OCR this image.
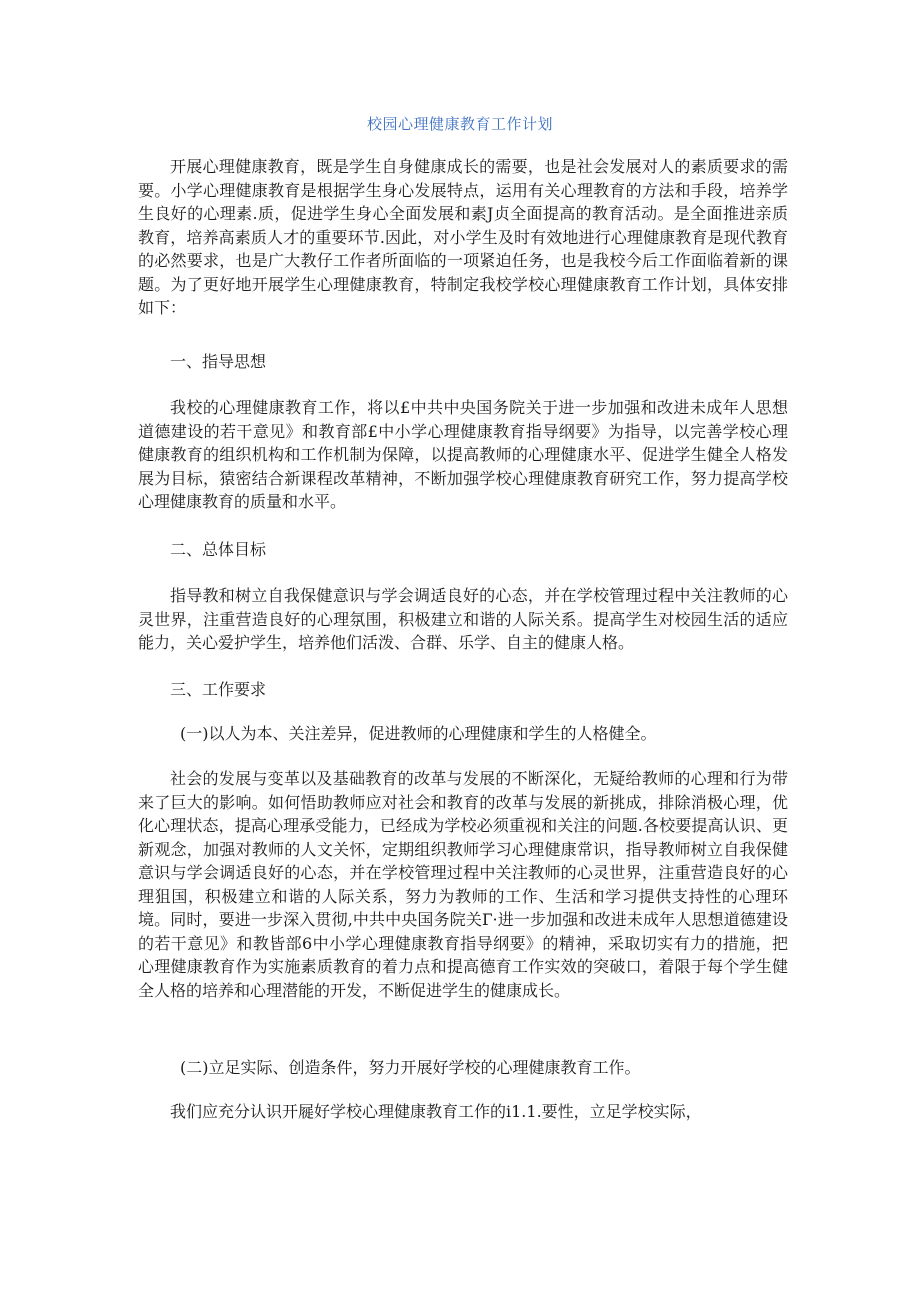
校园心理健康教育工作计划

开展心理健康教育，既是学生自身健康成长的需要，也是社会发展对人的素质要求的需要。小学心理健康教育是根据学生身心发展特点，运用有关心理教育的方法和手段，培养学生良好的心理素.质，促进学生身心全面发展和素J贞全面提高的教育活动。是全面推进亲质教育，培养高素质人才的重要环节.因此，对小学生及时有效地进行心理健康教育是现代教育的必然要求，也是广大教仔工作者所面临的一项紧迫任务，也是我校今后工作面临着新的课题。为了更好地开展学生心理健康教育，特制定我校学校心理健康教育工作计划，具体安排如下：

一、指导思想

我校的心理健康教育工作，将以£中共中央国务院关于进一步加强和改进未成年人思想道德建设的若干意见》和教育部£中小学心理健康教育指导纲要》为指导，以完善学校心理健康教育的组织机构和工作机制为保障，以提高教师的心理健康水平、促进学生健全人格发展为目标，猿密结合新课程改革精神，不断加强学校心理健康教育研究工作，努力提高学校心理健康教育的质量和水平。

二、总体目标

指导教和树立自我保健意识与学会调适良好的心态，并在学校管理过程中关注教师的心灵世界，注重营造良好的心理氛围，积极建立和谐的人际关系。提高学生对校园生活的适应能力，关心爱护学生，培养他们活泼、合群、乐学、自主的健康人格。

三、工作要求

(一)以人为本、关注差异，促进教师的心理健康和学生的人格健全。

社会的发展与变革以及基础教育的改革与发展的不断深化，无疑给教师的心理和行为带来了巨大的影响。如何悟助教师应对社会和教育的改革与发展的新挑成，排除消极心理，优化心理状态，提高心理承受能力，已经成为学校必须重视和关注的问题.各校要提高认识、更新观念，加强对教师的人文关怀，定期组织教师学习心理健康常识，指导教师树立自我保健意识与学会调适良好的心态，并在学校管理过程中关注教师的心灵世界，注重营造良好的心理狙国，积极建立和谐的人际关系，努力为教师的工作、生活和学习提供支持性的心理环境。同时，要进一步深入贯彻,中共中央国务院关Г·进一步加强和改进未成年人思想道德建设的若干意见》和教皆部6中小学心理健康教育指导纲要》的精神，采取切实有力的措施，把心理健康教育作为实施素质教育的着力点和提高德育工作实效的突破口，着限于每个学生健全人格的培养和心理潜能的开发，不断促进学生的健康成长。

(二)立足实际、创造条件，努力开展好学校的心理健康教育工作。

我们应充分认识开屣好学校心理健康教育工作的i1.1.要性，立足学校实际，
